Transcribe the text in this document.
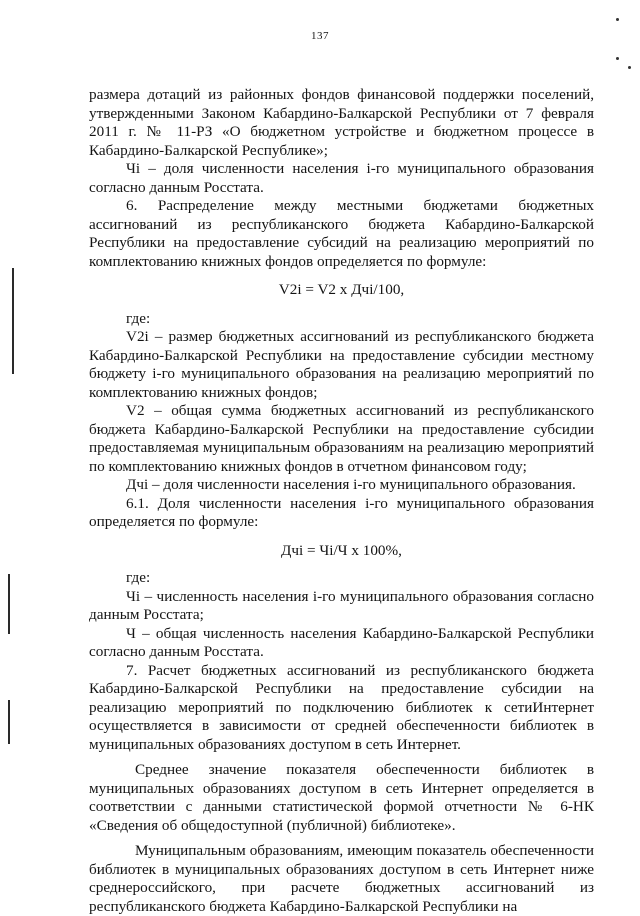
137

размера дотаций из районных фондов финансовой поддержки поселений, утвержденными Законом Кабардино-Балкарской Республики от 7 февраля 2011 г. № 11-РЗ «О бюджетном устройстве и бюджетном процессе в Кабардино-Балкарской Республике»;

Чi – доля численности населения i-го муниципального образования согласно данным Росстата.

6. Распределение между местными бюджетами бюджетных ассигнований из республиканского бюджета Кабардино-Балкарской Республики на предоставление субсидий на реализацию мероприятий по комплектованию книжных фондов определяется по формуле:

V2i = V2 x Дчi/100,

где:

V2i – размер бюджетных ассигнований из республиканского бюджета Кабардино-Балкарской Республики на предоставление субсидии местному бюджету i-го муниципального образования на реализацию мероприятий по комплектованию книжных фондов;

V2 – общая сумма бюджетных ассигнований из республиканского бюджета Кабардино-Балкарской Республики на предоставление субсидии предоставляемая муниципальным образованиям на реализацию мероприятий по комплектованию книжных фондов в отчетном финансовом году;

Дчi – доля численности населения i-го муниципального образования.

6.1. Доля численности населения i-го муниципального образования определяется по формуле:

Дчi = Чi/Ч x 100%,

где:

Чi – численность населения i-го муниципального образования согласно данным Росстата;

Ч – общая численность населения Кабардино-Балкарской Республики согласно данным Росстата.

7. Расчет бюджетных ассигнований из республиканского бюджета Кабардино-Балкарской Республики на предоставление субсидии на реализацию мероприятий по подключению библиотек к сетиИнтернет осуществляется в зависимости от средней обеспеченности библиотек в муниципальных образованиях доступом в сеть Интернет.

Среднее значение показателя обеспеченности библиотек в муниципальных образованиях доступом в сеть Интернет определяется в соответствии с данными статистической формой отчетности № 6-НК «Сведения об общедоступной (публичной) библиотеке».

Муниципальным образованиям, имеющим показатель обеспеченности библиотек в муниципальных образованиях доступом в сеть Интернет ниже среднероссийского, при расчете бюджетных ассигнований из республиканского бюджета Кабардино-Балкарской Республики на
